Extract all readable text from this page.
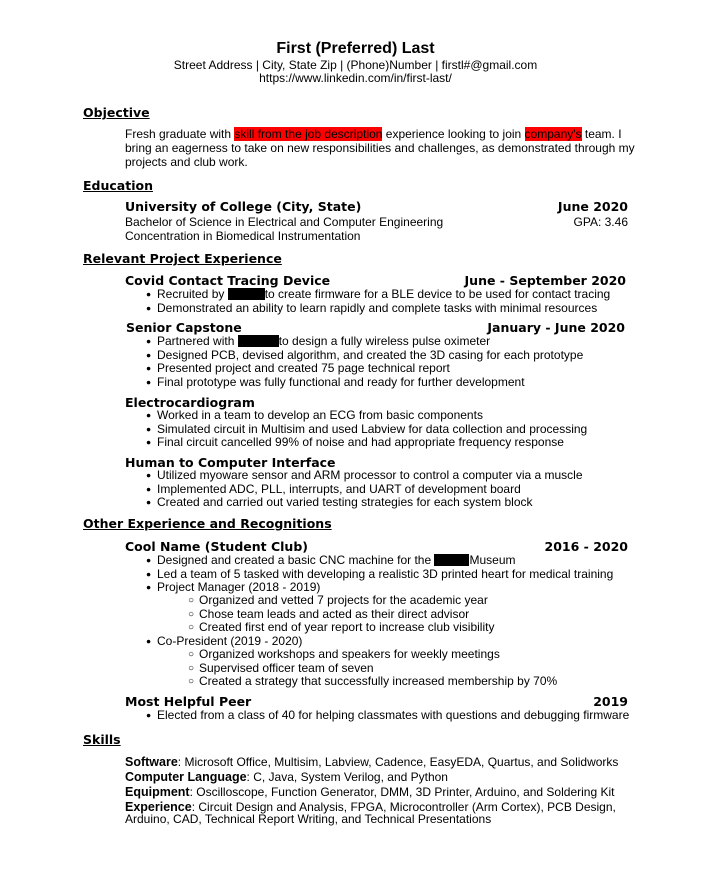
First (Preferred) Last
Street Address | City, State Zip | (Phone)Number | firstl#@gmail.com
https://www.linkedin.com/in/first-last/
Objective
Fresh graduate with skill from the job description experience looking to join company's team. I
bring an eagerness to take on new responsibilities and challenges, as demonstrated through my
projects and club work.
Education
University of College (City, State)	June 2020
Bachelor of Science in Electrical and Computer Engineering	GPA: 3.46
Concentration in Biomedical Instrumentation
Relevant Project Experience
Covid Contact Tracing Device	June - September 2020
● Recruited by	to create firmware for a BLE device to be used for contact tracing
● Demonstrated an ability to learn rapidly and complete tasks with minimal resources
Senior Capstone	January - June 2020
● Partnered with	to design a fully wireless pulse oximeter
● Designed PCB, devised algorithm, and created the 3D casing for each prototype
● Presented project and created 75 page technical report
● Final prototype was fully functional and ready for further development
Electrocardiogram
● Worked in a team to develop an ECG from basic components
● Simulated circuit in Multisim and used Labview for data collection and processing
● Final circuit cancelled 99% of noise and had appropriate frequency response
Human to Computer Interface
● Utilized myoware sensor and ARM processor to control a computer via a muscle
● Implemented ADC, PLL, interrupts, and UART of development board
● Created and carried out varied testing strategies for each system block
Other Experience and Recognitions
Cool Name (Student Club)	2016 - 2020
● Designed and created a basic CNC machine for the	Museum
● Led a team of 5 tasked with developing a realistic 3D printed heart for medical training
● Project Manager (2018 - 2019)
○ Organized and vetted 7 projects for the academic year
○ Chose team leads and acted as their direct advisor
○ Created first end of year report to increase club visibility
● Co-President (2019 - 2020)
○ Organized workshops and speakers for weekly meetings
○ Supervised officer team of seven
○ Created a strategy that successfully increased membership by 70%
Most Helpful Peer	2019
● Elected from a class of 40 for helping classmates with questions and debugging firmware
Skills
Software: Microsoft Office, Multisim, Labview, Cadence, EasyEDA, Quartus, and Solidworks
Computer Language: C, Java, System Verilog, and Python
Equipment: Oscilloscope, Function Generator, DMM, 3D Printer, Arduino, and Soldering Kit
Experience: Circuit Design and Analysis, FPGA, Microcontroller (Arm Cortex), PCB Design,
Arduino, CAD, Technical Report Writing, and Technical Presentations
